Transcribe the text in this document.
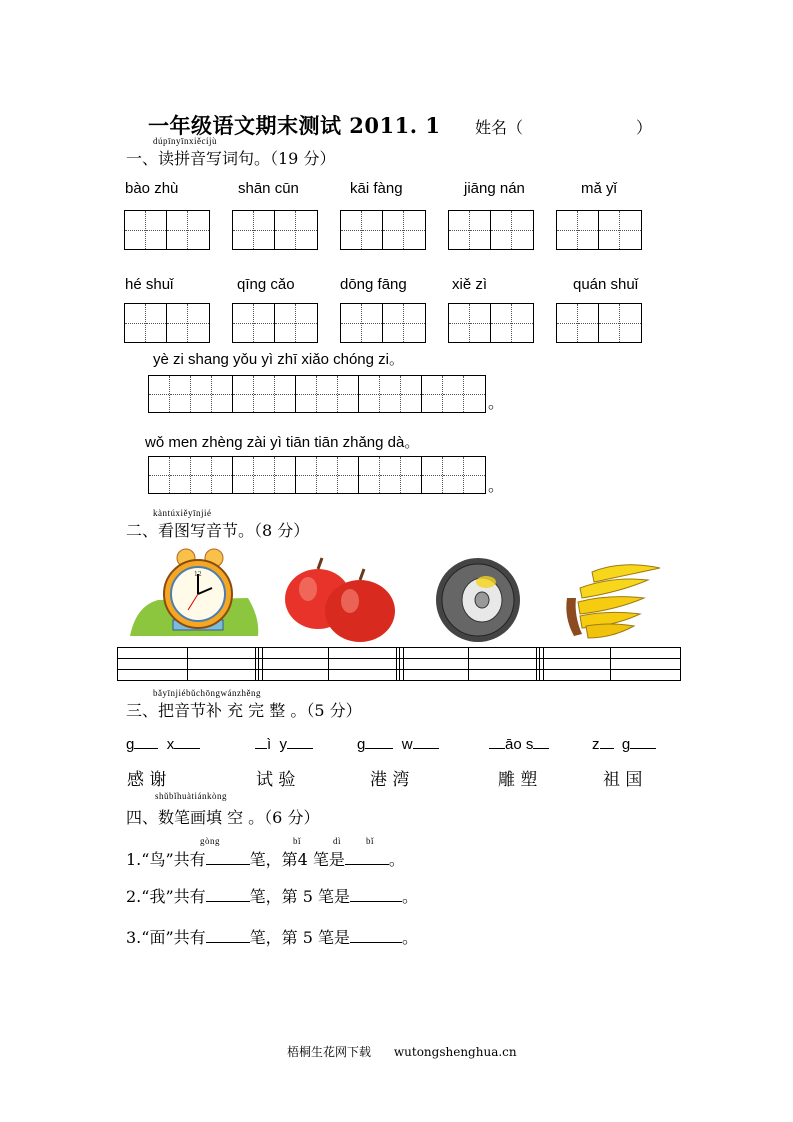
一年级语文期末测试 2011. 1 姓名（	）
dúpīnyīnxiěcíjù
一、读拼音写词句。（19 分）
bào zhù	shān cūn	kāi fàng	jiāng nán	mǎ yǐ
hé shuǐ	qīng cǎo	dōng fāng	xiě zì	quán shuǐ
yè zi shang yǒu yì zhī xiǎo chóng zi。
。
wǒ men zhèng zài yì tiān tiān zhǎng dà。
。
kàntúxiěyīnjié
二、看图写音节。（8 分）
12
bǎyīnjiébǔchōngwánzhěng
三、把音节补 充 完 整 。（5 分）
g x	ì y	g w	āo s	z g
感 谢	试 验	港 湾	雕 塑	祖 国
shǔbǐhuàtiánkòng
四、数笔画填 空 。（6 分）
gòng	bǐ	dì	bǐ
1.“鸟”共有	笔，第4 笔是	。
2.“我”共有	笔，第 5 笔是	。
3.“面”共有	笔，第 5 笔是	。
梧桐生花网下载      wutongshenghua.cn
